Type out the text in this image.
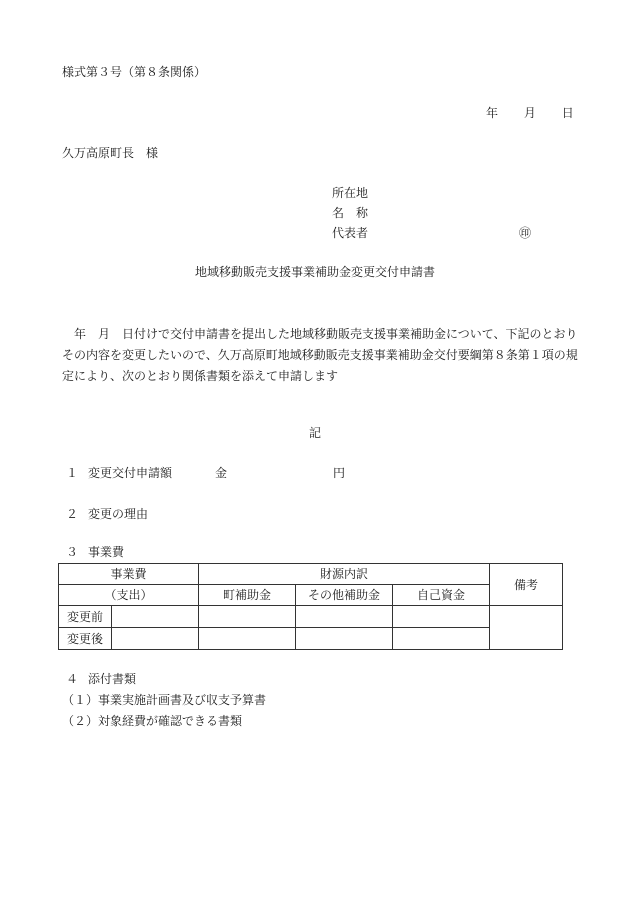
様式第３号（第８条関係）
年 月 日
久万高原町長　様
所在地
名　称
代表者	㊞
地域移動販売支援事業補助金変更交付申請書

　年　月　日付けで交付申請書を提出した地域移動販売支援事業補助金について、下記のとおり

その内容を変更したいので、久万高原町地域移動販売支援事業補助金交付要綱第８条第１項の規

定により、次のとおり関係書類を添えて申請します

記
１ 変更交付申請額	金	円
２ 変更の理由
３ 事業費
事業費		財源内訳			備考
（支出）		町補助金	その他補助金	自己資金	
変更前					
変更後					
４ 添付書類
（１）事業実施計画書及び収支予算書
（２）対象経費が確認できる書類
